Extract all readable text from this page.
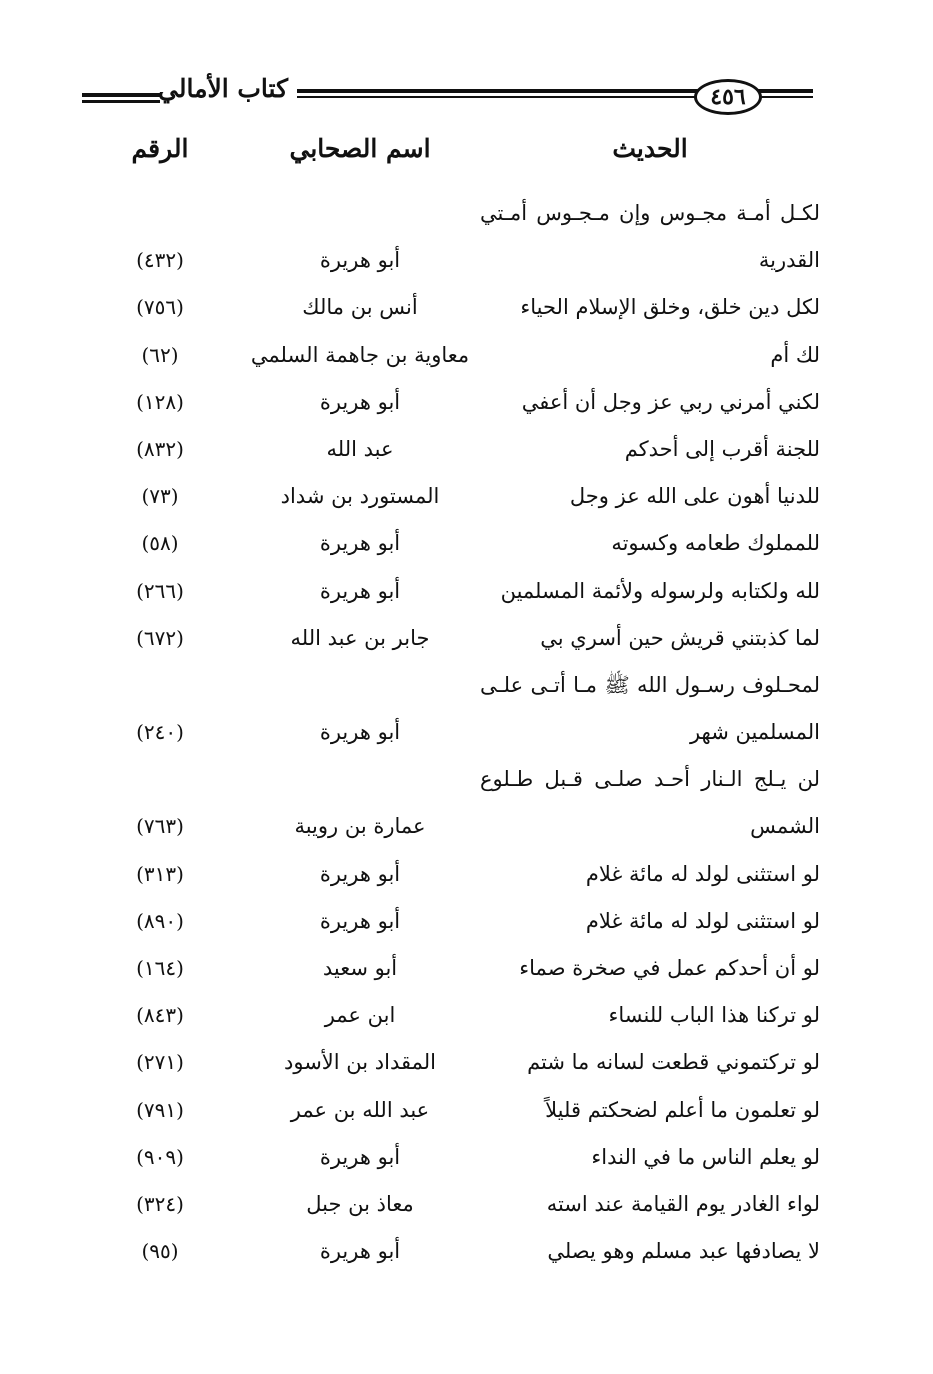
كتاب الأمالي	٤٥٦
الحديث
اسم الصحابي
الرقم
لكـل أمـة مجـوس وإن مـجـوس أمـتي
القدرية
أبو هريرة
(٤٣٢)
لكل دين خلق، وخلق الإسلام الحياء
أنس بن مالك
(٧٥٦)
لك أم
معاوية بن جاهمة السلمي
(٦٢)
لكني أمرني ربي عز وجل أن أعفي
أبو هريرة
(١٢٨)
للجنة أقرب إلى أحدكم
عبد الله
(٨٣٢)
للدنيا أهون على الله عز وجل
المستورد بن شداد
(٧٣)
للمملوك طعامه وكسوته
أبو هريرة
(٥٨)
لله ولكتابه ولرسوله ولأئمة المسلمين
أبو هريرة
(٢٦٦)
لما كذبتني قريش حين أسري بي
جابر بن عبد الله
(٦٧٢)
لمحـلوف رسـول الله ﷺ مـا أتـى علـى
المسلمين شهر
أبو هريرة
(٢٤٠)
لن يـلج الـنار أحـد صلـى قـبل طـلوع
الشمس
عمارة بن رويبة
(٧٦٣)
لو استثنى لولد له مائة غلام
أبو هريرة
(٣١٣)
لو استثنى لولد له مائة غلام
أبو هريرة
(٨٩٠)
لو أن أحدكم عمل في صخرة صماء
أبو سعيد
(١٦٤)
لو تركنا هذا الباب للنساء
ابن عمر
(٨٤٣)
لو تركتموني قطعت لسانه ما شتم
المقداد بن الأسود
(٢٧١)
لو تعلمون ما أعلم لضحكتم قليلاً
عبد الله بن عمر
(٧٩١)
لو يعلم الناس ما في النداء
أبو هريرة
(٩٠٩)
لواء الغادر يوم القيامة عند استه
معاذ بن جبل
(٣٢٤)
لا يصادفها عبد مسلم وهو يصلي
أبو هريرة
(٩٥)
